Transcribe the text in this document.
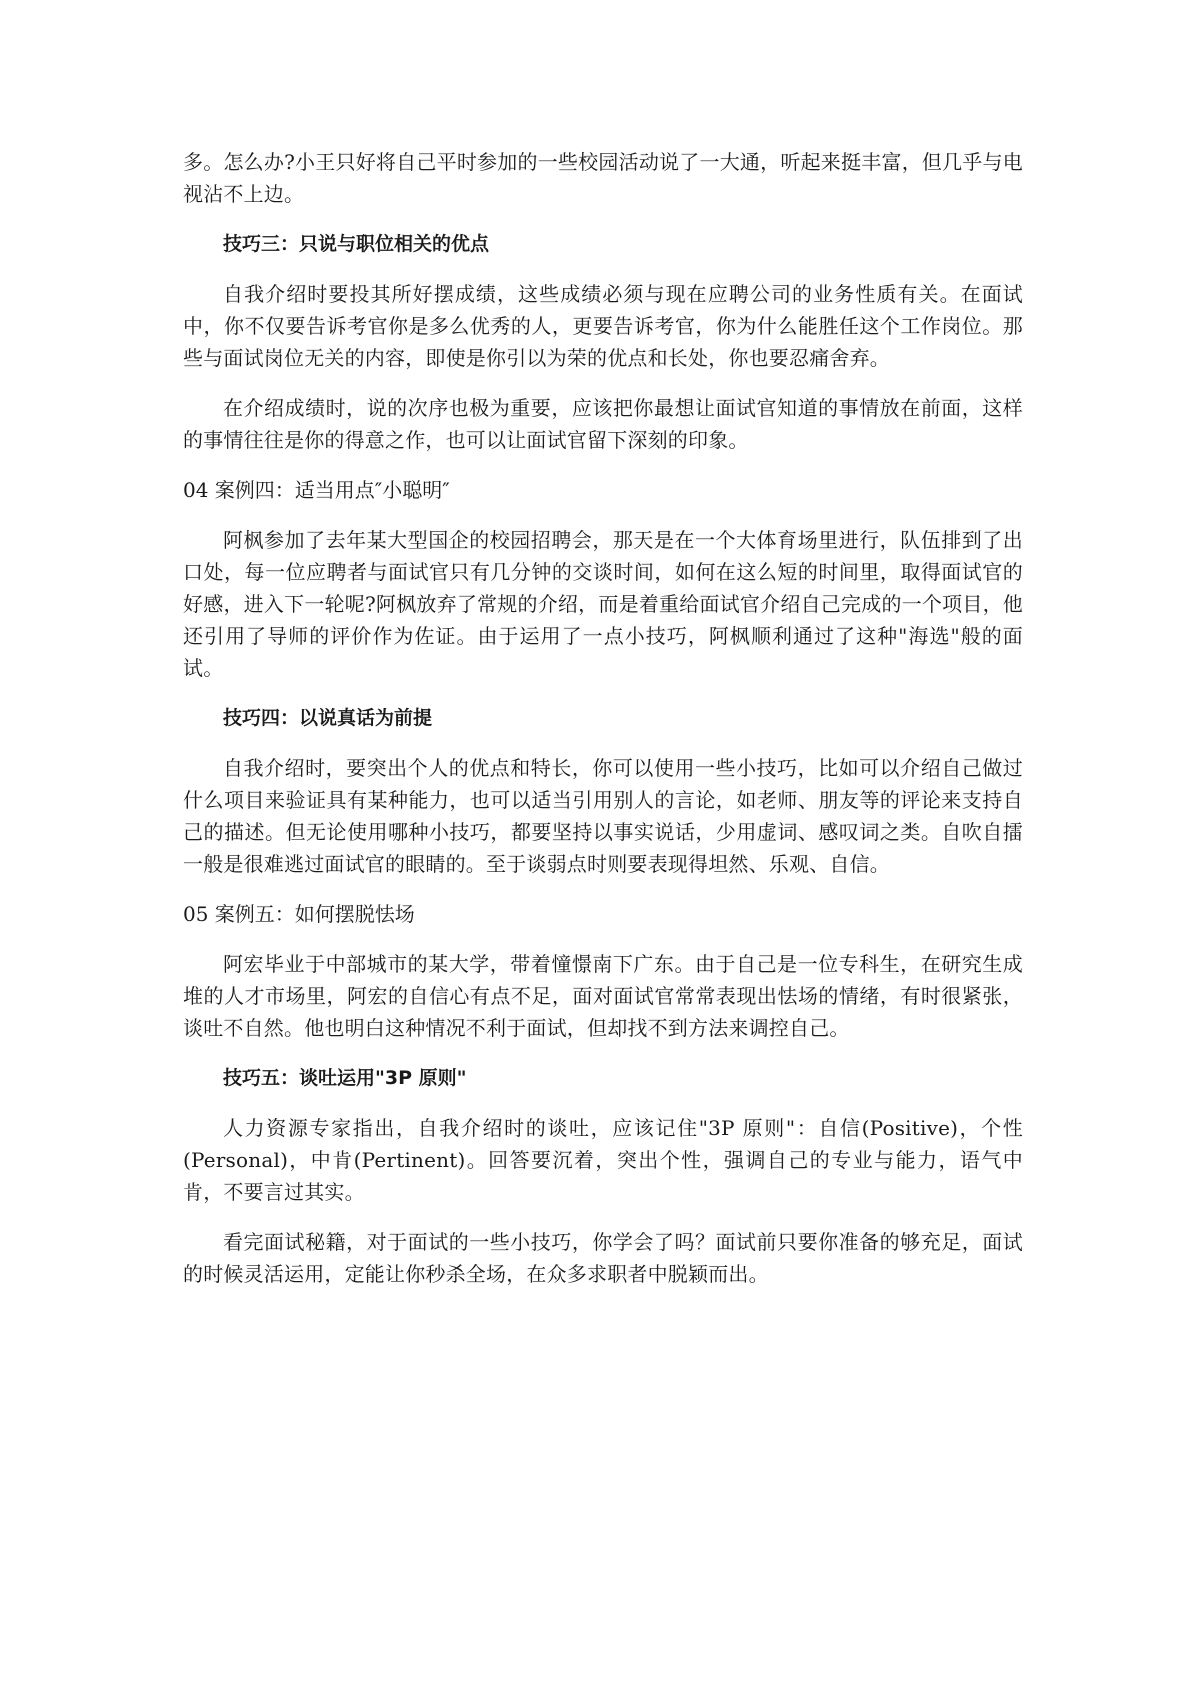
多。怎么办?小王只好将自己平时参加的一些校园活动说了一大通，听起来挺丰富，但几乎与电视沾不上边。

技巧三：只说与职位相关的优点

自我介绍时要投其所好摆成绩，这些成绩必须与现在应聘公司的业务性质有关。在面试中，你不仅要告诉考官你是多么优秀的人，更要告诉考官，你为什么能胜任这个工作岗位。那些与面试岗位无关的内容，即使是你引以为荣的优点和长处，你也要忍痛舍弃。

在介绍成绩时，说的次序也极为重要，应该把你最想让面试官知道的事情放在前面，这样的事情往往是你的得意之作，也可以让面试官留下深刻的印象。

04 案例四：适当用点″小聪明″

阿枫参加了去年某大型国企的校园招聘会，那天是在一个大体育场里进行，队伍排到了出口处，每一位应聘者与面试官只有几分钟的交谈时间，如何在这么短的时间里，取得面试官的好感，进入下一轮呢?阿枫放弃了常规的介绍，而是着重给面试官介绍自己完成的一个项目，他还引用了导师的评价作为佐证。由于运用了一点小技巧，阿枫顺利通过了这种"海选"般的面试。

技巧四：以说真话为前提

自我介绍时，要突出个人的优点和特长，你可以使用一些小技巧，比如可以介绍自己做过什么项目来验证具有某种能力，也可以适当引用别人的言论，如老师、朋友等的评论来支持自己的描述。但无论使用哪种小技巧，都要坚持以事实说话，少用虚词、感叹词之类。自吹自擂一般是很难逃过面试官的眼睛的。至于谈弱点时则要表现得坦然、乐观、自信。

05 案例五：如何摆脱怯场

阿宏毕业于中部城市的某大学，带着憧憬南下广东。由于自己是一位专科生，在研究生成堆的人才市场里，阿宏的自信心有点不足，面对面试官常常表现出怯场的情绪，有时很紧张，谈吐不自然。他也明白这种情况不利于面试，但却找不到方法来调控自己。

技巧五：谈吐运用"3P 原则"

人力资源专家指出，自我介绍时的谈吐，应该记住"3P 原则"：自信(Positive)，个性(Personal)，中肯(Pertinent)。回答要沉着，突出个性，强调自己的专业与能力，语气中肯，不要言过其实。

看完面试秘籍，对于面试的一些小技巧，你学会了吗？面试前只要你准备的够充足，面试的时候灵活运用，定能让你秒杀全场，在众多求职者中脱颖而出。
